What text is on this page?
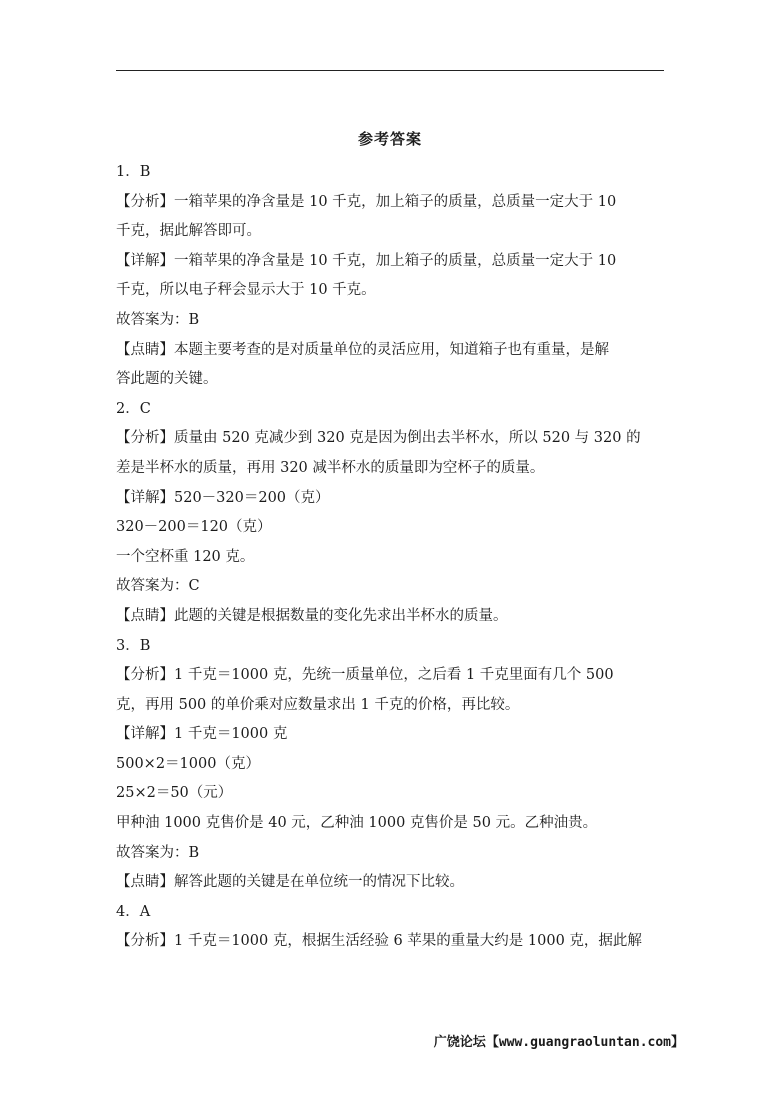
参考答案

1．B

【分析】一箱苹果的净含量是 10 千克，加上箱子的质量，总质量一定大于 10

千克，据此解答即可。

【详解】一箱苹果的净含量是 10 千克，加上箱子的质量，总质量一定大于 10

千克，所以电子秤会显示大于 10 千克。

故答案为：B

【点睛】本题主要考查的是对质量单位的灵活应用，知道箱子也有重量，是解

答此题的关键。

2．C

【分析】质量由 520 克减少到 320 克是因为倒出去半杯水，所以 520 与 320 的

差是半杯水的质量，再用 320 减半杯水的质量即为空杯子的质量。

【详解】520－320＝200（克）

320－200＝120（克）

一个空杯重 120 克。

故答案为：C

【点睛】此题的关键是根据数量的变化先求出半杯水的质量。

3．B

【分析】1 千克＝1000 克，先统一质量单位，之后看 1 千克里面有几个 500

克，再用 500 的单价乘对应数量求出 1 千克的价格，再比较。

【详解】1 千克＝1000 克

500×2＝1000（克）

25×2＝50（元）

甲种油 1000 克售价是 40 元，乙种油 1000 克售价是 50 元。乙种油贵。

故答案为：B

【点睛】解答此题的关键是在单位统一的情况下比较。

4．A

【分析】1 千克＝1000 克，根据生活经验 6 苹果的重量大约是 1000 克，据此解

广饶论坛【www.guangraoluntan.com】
